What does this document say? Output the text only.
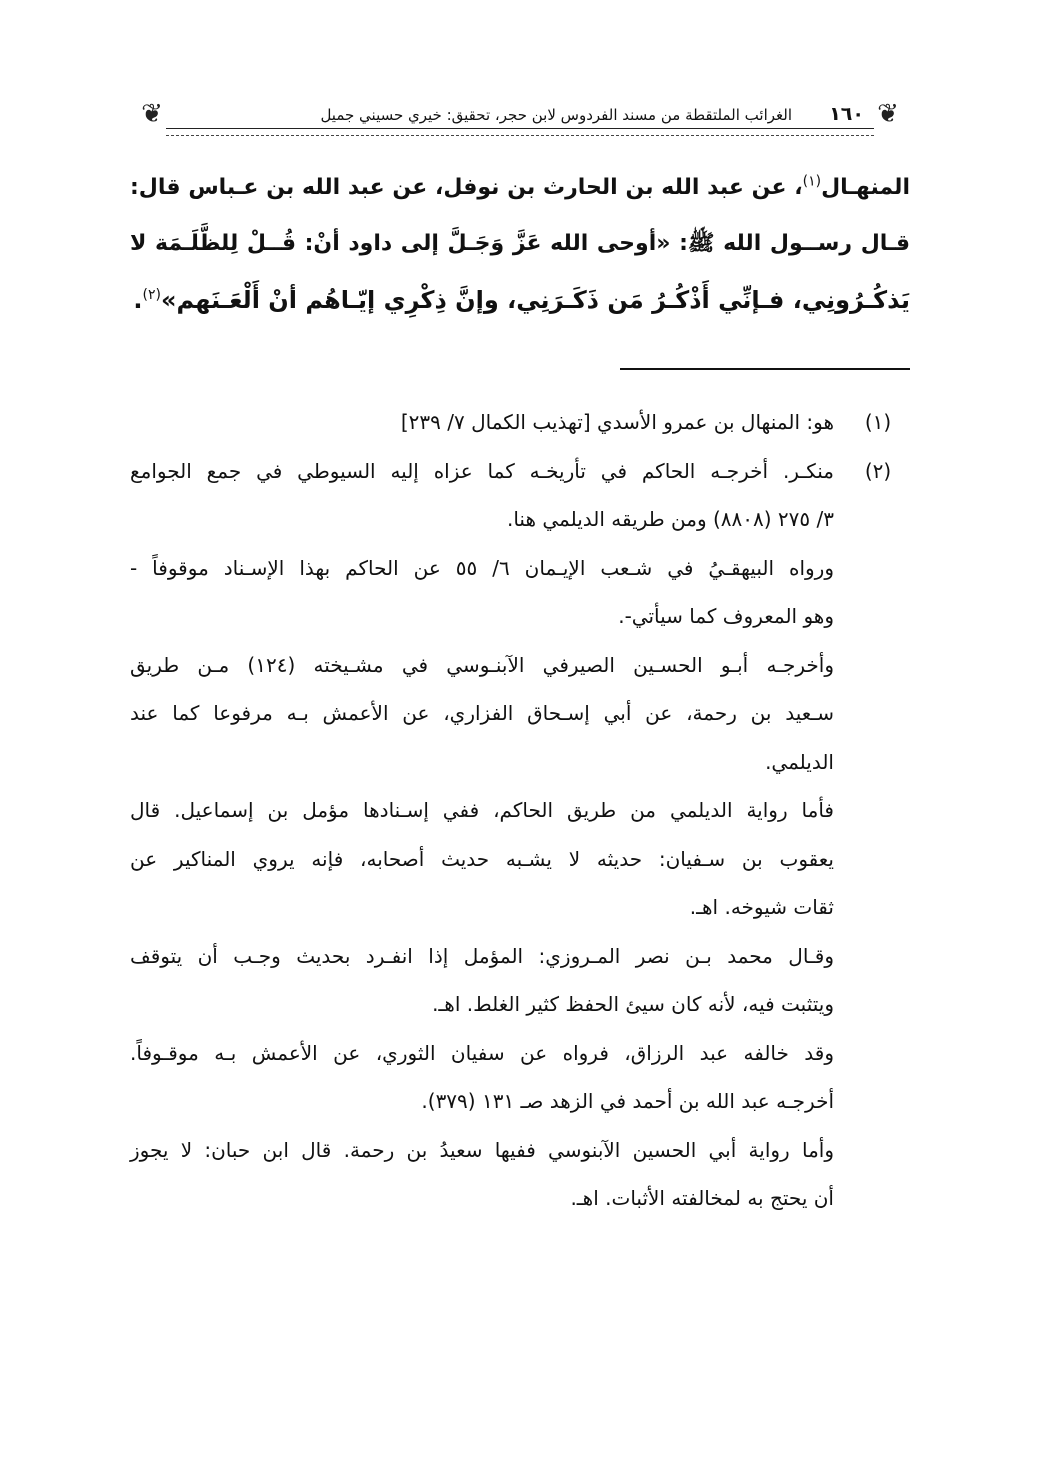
❦
١٦٠
الغرائب الملتقطة من مسند الفردوس لابن حجر، تحقيق: خيري حسيني جميل
❦
المنهـال$^{(١)}$، عن عبد الله بن الحارث بن نوفل، عن عبد الله بن عـباس قال:
قـال رســول الله ﷺ: «أوحى الله عَزَّ وَجَـلَّ إلى داود أنْ: قُــلْ لِلظَّلَـمَة لا
يَذكُـرُونِي، فـإنِّي أَذْكُـرُ مَن ذَكَـرَنِي، وإنَّ ذِكْرِي إيّـاهُم أنْ أَلْعَـنَهم»$^{(٢)}$.
(١)
هو: المنهال بن عمرو الأسدي [تهذيب الكمال ٧/ ٢٣٩]
(٢)
منكـر. أخرجـه الحاكم في تأريخـه كما عزاه إليه السيوطي في جمع الجوامع
٣/ ٢٧٥ (٨٨٠٨) ومن طريقه الديلمي هنا.
ورواه البيهقـيُ في شـعب الإيـمان ٦/ ٥٥ عن الحاكم بهذا الإسـناد موقوفاً -
وهو المعروف كما سيأتي-.
وأخرجـه أبـو الحسـين الصيرفي الآبنـوسي في مشـيخته (١٢٤) مـن طريق
سـعيد بن رحمة، عن أبي إسـحاق الفزاري، عن الأعمش بـه مرفوعا كما عند
الديلمي.
فأما رواية الديلمي من طريق الحاكم، ففي إسـنادها مؤمل بن إسماعيل. قال
يعقوب بن سـفيان: حديثه لا يشـبه حديث أصحابه، فإنه يروي المناكير عن
ثقات شيوخه. اهـ.
وقـال محمد بـن نصر المـروزي: المؤمل إذا انفـرد بحديث وجـب أن يتوقف
ويتثبت فيه، لأنه كان سيئ الحفظ كثير الغلط. اهـ.
وقد خالفه عبد الرزاق، فرواه عن سفيان الثوري، عن الأعمش بـه موقـوفاً.
أخرجـه عبد الله بن أحمد في الزهد صـ ١٣١ (٣٧٩).
وأما رواية أبي الحسين الآبنوسي ففيها سعيدُ بن رحمة. قال ابن حبان: لا يجوز
أن يحتج به لمخالفته الأثبات. اهـ.
